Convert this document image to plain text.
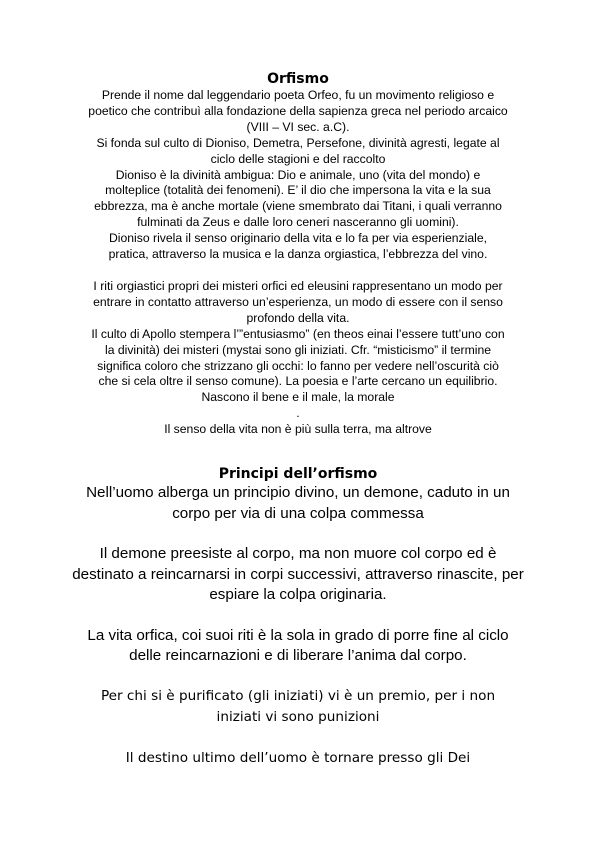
Orfismo

Prende il nome dal leggendario poeta Orfeo, fu un movimento religioso e
poetico che contribuì alla fondazione della sapienza greca nel periodo arcaico
(VIII – VI sec. a.C).
Si fonda sul culto di Dioniso, Demetra, Persefone, divinità agresti, legate al
ciclo delle stagioni e del raccolto
Dioniso è la divinità ambigua: Dio e animale, uno (vita del mondo) e
molteplice (totalità dei fenomeni). E’ il dio che impersona la vita e la sua
ebbrezza, ma è anche mortale (viene smembrato dai Titani, i quali verranno
fulminati da Zeus e dalle loro ceneri nasceranno gli uomini).
Dioniso rivela il senso originario della vita e lo fa per via esperienziale,
pratica, attraverso la musica e la danza orgiastica, l’ebbrezza del vino.

I riti orgiastici propri dei misteri orfici ed eleusini rappresentano un modo per
entrare in contatto attraverso un’esperienza, un modo di essere con il senso
profondo della vita.
Il culto di Apollo stempera l’”entusiasmo” (en theos einai l’essere tutt’uno con
la divinità) dei misteri (mystai sono gli iniziati. Cfr. “misticismo” il termine
significa coloro che strizzano gli occhi: lo fanno per vedere nell’oscurità ciò
che si cela oltre il senso comune). La poesia e l’arte cercano un equilibrio.
Nascono il bene e il male, la morale
.
Il senso della vita non è più sulla terra, ma altrove

Principi dell’orfismo

Nell’uomo alberga un principio divino, un demone, caduto in un
corpo per via di una colpa commessa

Il demone preesiste al corpo, ma non muore col corpo ed è
destinato a reincarnarsi in corpi successivi, attraverso rinascite, per
espiare la colpa originaria.

La vita orfica, coi suoi riti è la sola in grado di porre fine al ciclo
delle reincarnazioni e di liberare l’anima dal corpo.

Per chi si è purificato (gli iniziati) vi è un premio, per i non
iniziati vi sono punizioni

Il destino ultimo dell’uomo è tornare presso gli Dei
